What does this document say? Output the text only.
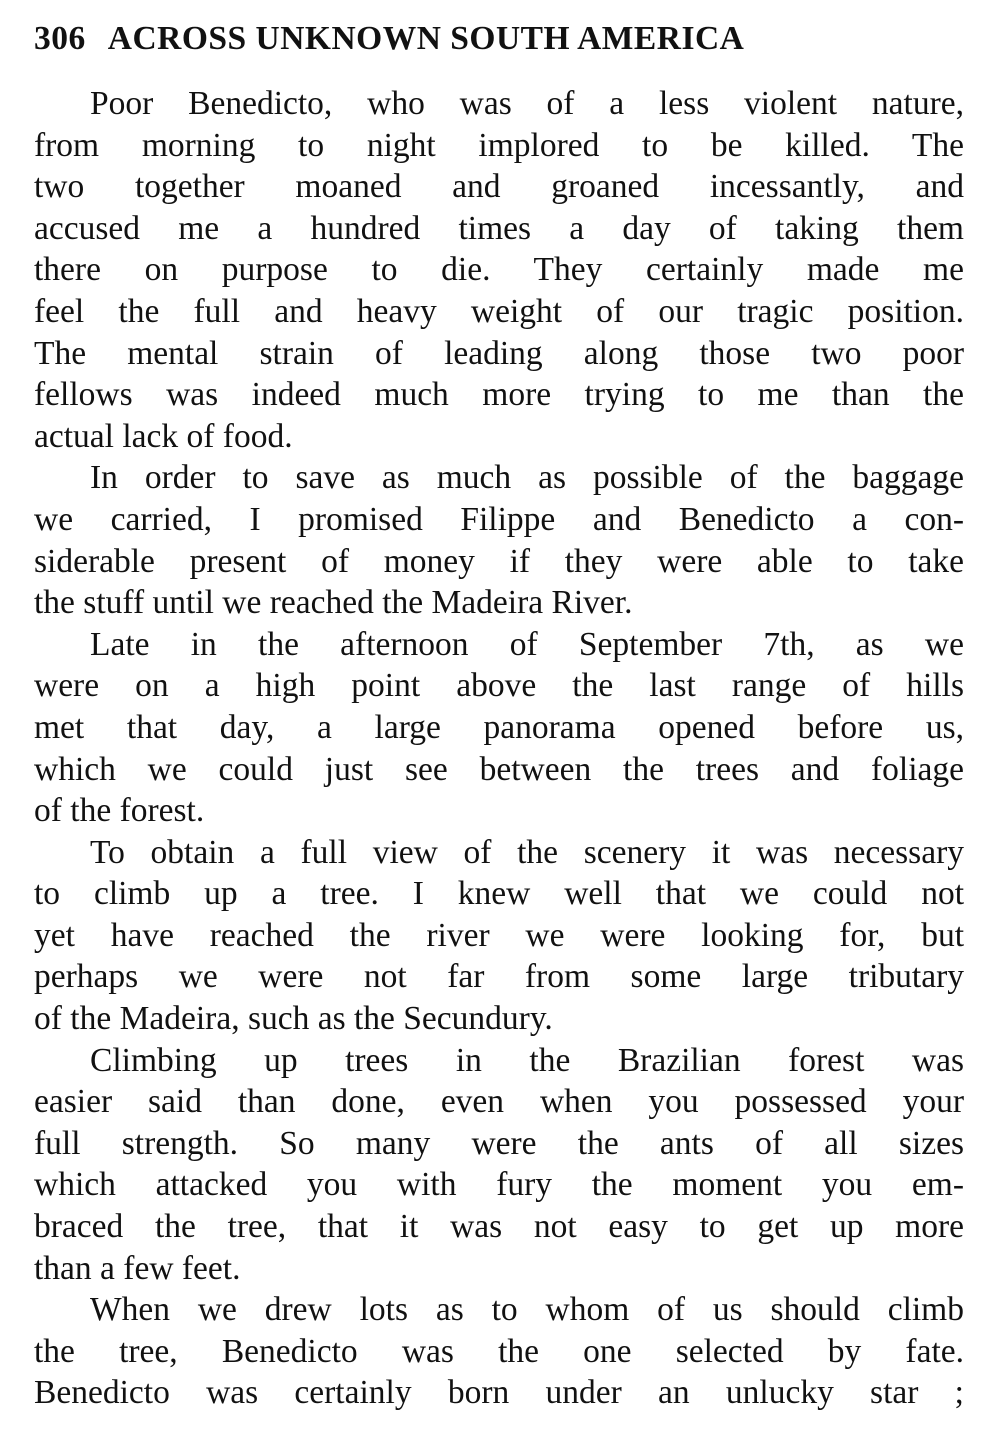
306 ACROSS UNKNOWN SOUTH AMERICA
Poor Benedicto, who was of a less violent nature,
from morning to night implored to be killed. The
two together moaned and groaned incessantly, and
accused me a hundred times a day of taking them
there on purpose to die. They certainly made me
feel the full and heavy weight of our tragic position.
The mental strain of leading along those two poor
fellows was indeed much more trying to me than the
actual lack of food.
In order to save as much as possible of the baggage
we carried, I promised Filippe and Benedicto a con-
siderable present of money if they were able to take
the stuff until we reached the Madeira River.
Late in the afternoon of September 7th, as we
were on a high point above the last range of hills
met that day, a large panorama opened before us,
which we could just see between the trees and foliage
of the forest.
To obtain a full view of the scenery it was necessary
to climb up a tree. I knew well that we could not
yet have reached the river we were looking for, but
perhaps we were not far from some large tributary
of the Madeira, such as the Secundury.
Climbing up trees in the Brazilian forest was
easier said than done, even when you possessed your
full strength. So many were the ants of all sizes
which attacked you with fury the moment you em-
braced the tree, that it was not easy to get up more
than a few feet.
When we drew lots as to whom of us should climb
the tree, Benedicto was the one selected by fate.
Benedicto was certainly born under an unlucky star ;
